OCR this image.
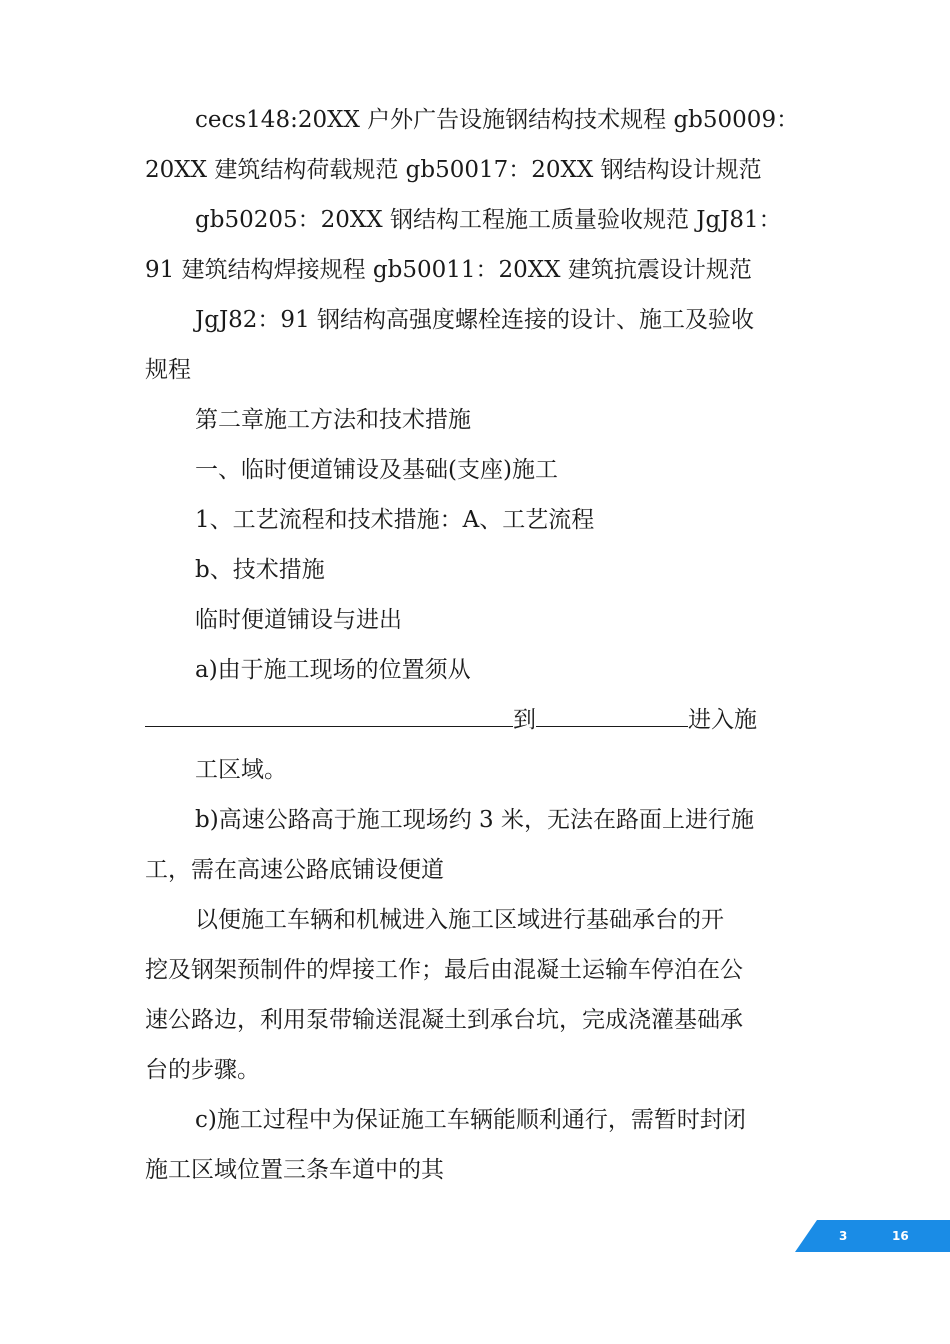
cecs148:20XX 户外广告设施钢结构技术规程 gb50009：

20XX 建筑结构荷载规范 gb50017：20XX 钢结构设计规范

gb50205：20XX 钢结构工程施工质量验收规范 JgJ81：

91 建筑结构焊接规程 gb50011：20XX 建筑抗震设计规范

JgJ82：91 钢结构高强度螺栓连接的设计、施工及验收

规程

第二章施工方法和技术措施

一、临时便道铺设及基础(支座)施工

1、工艺流程和技术措施：A、工艺流程

b、技术措施

临时便道铺设与进出

a)由于施工现场的位置须从

到	进入施

工区域。

b)高速公路高于施工现场约 3 米，无法在路面上进行施

工，需在高速公路底铺设便道

以便施工车辆和机械进入施工区域进行基础承台的开

挖及钢架预制件的焊接工作；最后由混凝土运输车停泊在公

速公路边，利用泵带输送混凝土到承台坑，完成浇灌基础承

台的步骤。

c)施工过程中为保证施工车辆能顺利通行，需暂时封闭

施工区域位置三条车道中的其

3	16
